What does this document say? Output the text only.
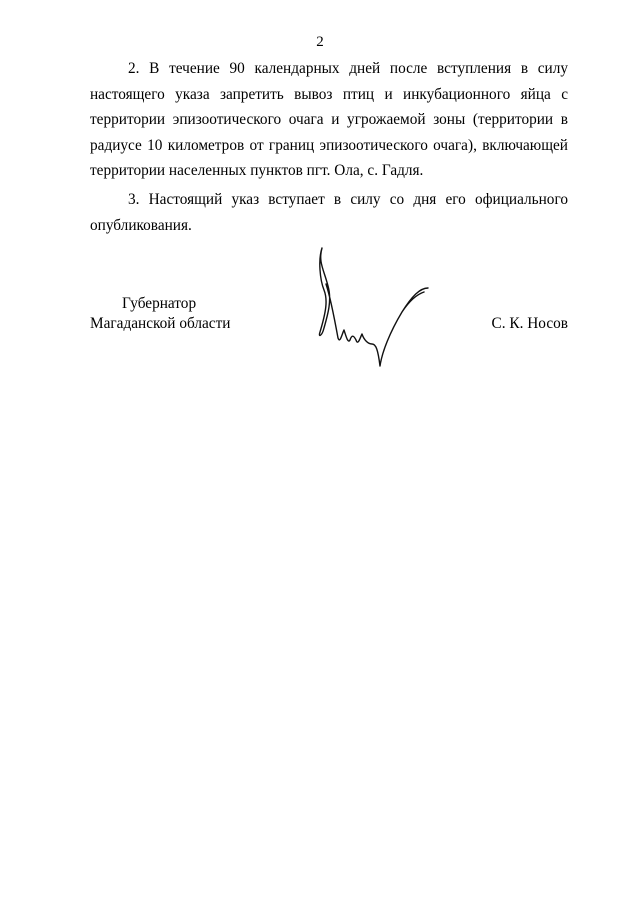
2

2. В течение 90 календарных дней после вступления в силу настоящего указа запретить вывоз птиц и инкубационного яйца с территории эпизоотического очага и угрожаемой зоны (территории в радиусе 10 километров от границ эпизоотического очага), включающей территории населенных пунктов пгт. Ола, с. Гадля.

3. Настоящий указ вступает в силу со дня его официального опубликования.

Губернатор
Магаданской области	С. К. Носов
